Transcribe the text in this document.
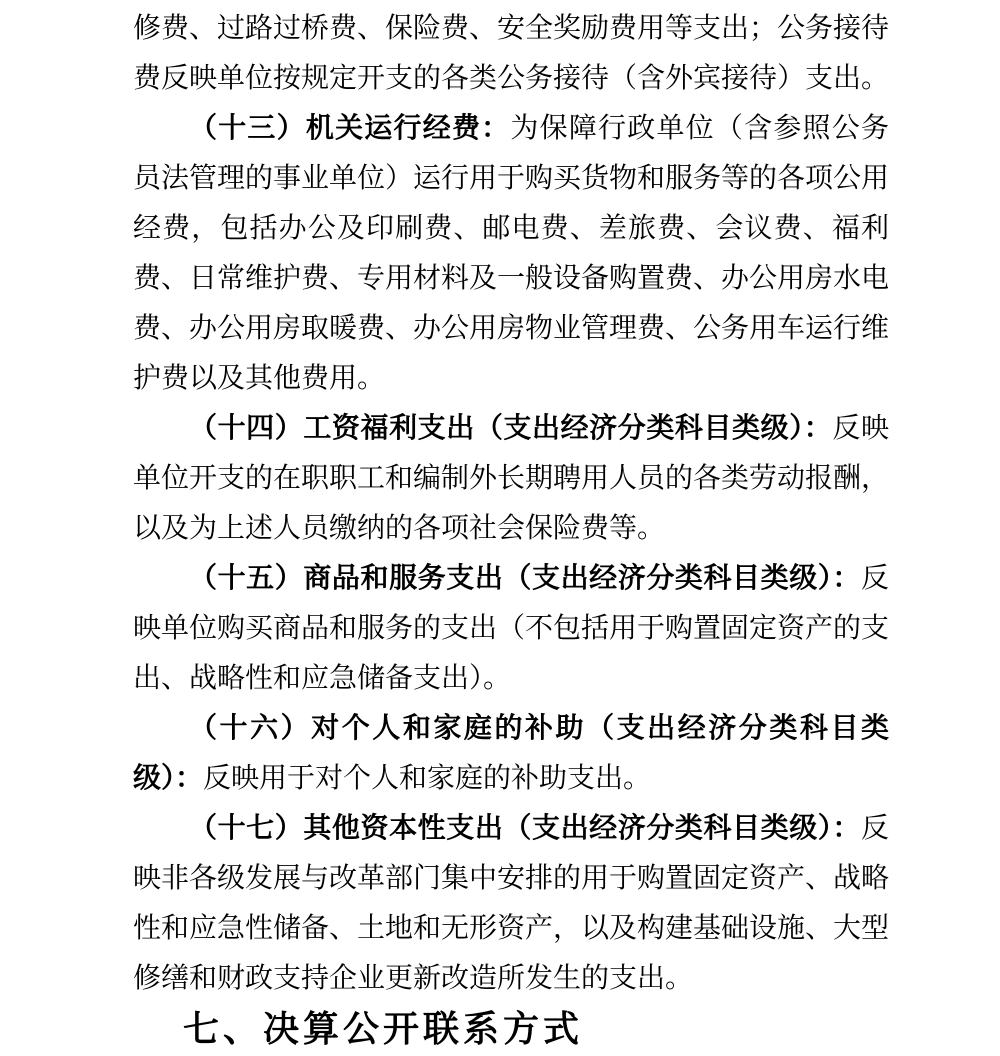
修费、过路过桥费、保险费、安全奖励费用等支出；公务接待费反映单位按规定开支的各类公务接待（含外宾接待）支出。

（十三）机关运行经费：为保障行政单位（含参照公务员法管理的事业单位）运行用于购买货物和服务等的各项公用经费，包括办公及印刷费、邮电费、差旅费、会议费、福利费、日常维护费、专用材料及一般设备购置费、办公用房水电费、办公用房取暖费、办公用房物业管理费、公务用车运行维护费以及其他费用。

（十四）工资福利支出（支出经济分类科目类级）：反映单位开支的在职职工和编制外长期聘用人员的各类劳动报酬，以及为上述人员缴纳的各项社会保险费等。

（十五）商品和服务支出（支出经济分类科目类级）：反映单位购买商品和服务的支出（不包括用于购置固定资产的支出、战略性和应急储备支出）。

（十六）对个人和家庭的补助（支出经济分类科目类级）：反映用于对个人和家庭的补助支出。

（十七）其他资本性支出（支出经济分类科目类级）：反映非各级发展与改革部门集中安排的用于购置固定资产、战略性和应急性储备、土地和无形资产，以及构建基础设施、大型修缮和财政支持企业更新改造所发生的支出。

七、决算公开联系方式
